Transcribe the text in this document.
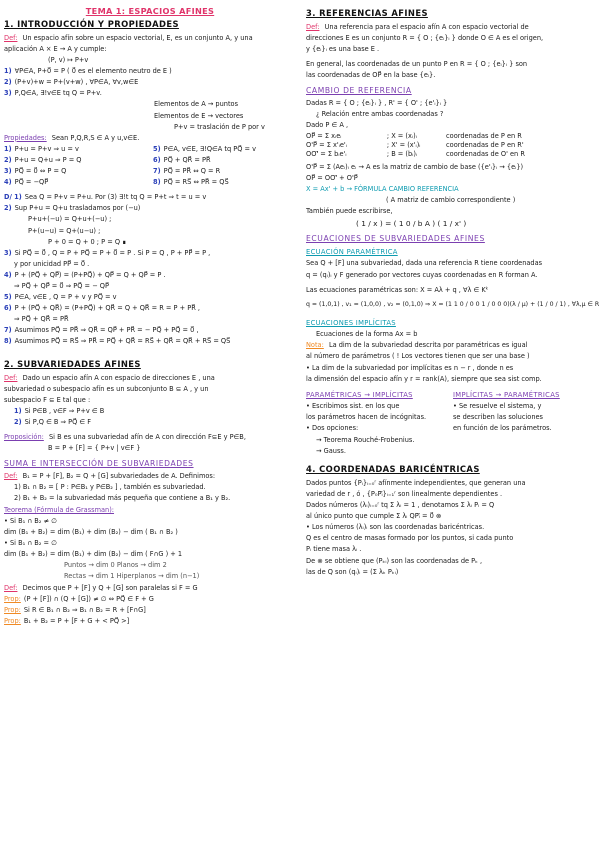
TEMA 1: ESPACIOS AFINES
1. INTRODUCCIÓN Y PROPIEDADES
Def: Un espacio afín sobre un espacio vectorial, E, es un conjunto A, y una
aplicación A × E → A y cumple:
(P, v) ↦ P+v
1) ∀P∈A, P+0⃗ = P ( 0⃗ es el elemento neutro de E )
2) (P+v)+w = P+(v+w) , ∀P∈A, ∀v,w∈E
3) P,Q∈A, ∃!v∈E tq Q = P+v.
Elementos de A → puntos
Elementos de E → vectores
P+v = traslación de P por v
Propiedades: Sean P,Q,R,S ∈ A y u,v∈E.
1) P+u = P+v ⇒ u = v
2) P+u = Q+u ⇒ P = Q
3) PQ⃗ = 0⃗ ⇔ P = Q
4) PQ⃗ = −QP⃗
5) P∈A, v∈E, ∃!Q∈A tq PQ⃗ = v
6) PQ⃗ + QR⃗ = PR⃗
7) PQ⃗ = PR⃗ ⇔ Q = R
8) PQ⃗ = RS⃗ ⇔ PR⃗ = QS⃗
D/ 1) Sea Q = P+v = P+u. Por (3) ∃!t tq Q = P+t ⇒ t = u = v
2) Sup P+u = Q+u trasladamos por (−u)
P+u+(−u) = Q+u+(−u) ;
P+(u−u) = Q+(u−u) ;
P + 0 = Q + 0 ; P = Q ∎
3) Si PQ⃗ = 0⃗ , Q = P + PQ⃗ = P + 0⃗ = P . Si P = Q , P + PP⃗ = P ,
y por unicidad PP⃗ = 0⃗ .
4) P + (PQ⃗ + QP⃗) = (P+PQ⃗) + QP⃗ = Q + QP⃗ = P .
⇒ PQ⃗ + QP⃗ = 0⃗ ⇒ PQ⃗ = − QP⃗
5) P∈A, v∈E , Q = P + v y PQ⃗ = v
6) P + (PQ⃗ + QR⃗) = (P+PQ⃗) + QR⃗ = Q + QR⃗ = R = P + PR⃗ ,
⇒ PQ⃗ + QR⃗ = PR⃗
7) Asumimos PQ⃗ = PR⃗ ⇒ QR⃗ = QP⃗ + PR⃗ = − PQ⃗ + PQ⃗ = 0⃗ ,
8) Asumimos PQ⃗ = RS⃗ ⇒ PR⃗ = PQ⃗ + QR⃗ = RS⃗ + QR⃗ = QR⃗ + RS⃗ = QS⃗
2. SUBVARIEDADES AFINES
Def: Dado un espacio afín A con espacio de direcciones E , una
subvariedad o subespacio afín es un subconjunto B ⊆ A , y un
subespacio F ⊆ E tal que :
1) Si P∈B , v∈F ⇒ P+v ∈ B
2) Si P,Q ∈ B ⇒ PQ⃗ ∈ F
Proposición: Si B es una subvariedad afín de A con dirección F⊆E y P∈B,
B = P + [F] = { P+v | v∈F }
SUMA E INTERSECCIÓN DE SUBVARIEDADES
Def: B₁ = P + [F], B₂ = Q + [G] subvariedades de A. Definimos:
1) B₁ ∩ B₂ = [ P : P∈B₁ y P∈B₂ ] , también es subvariedad.
2) B₁ + B₂ = la subvariedad más pequeña que contiene a B₁ y B₂.
Teorema (Fórmula de Grassman):
• Si B₁ ∩ B₂ ≠ ∅
dim (B₁ + B₂) = dim (B₁) + dim (B₂) − dim ( B₁ ∩ B₂ )
• Si B₁ ∩ B₂ = ∅
dim (B₁ + B₂) = dim (B₁) + dim (B₂) − dim ( F∩G ) + 1
Puntos → dim 0 Planos → dim 2
Rectas → dim 1 Hiperplanos → dim (n−1)
Def: Decimos que P + [F] y Q + [G] son paralelas si F = G
Prop: (P + [F]) ∩ (Q + [G]) ≠ ∅ ⇔ PQ⃗ ∈ F + G
Prop: Si R ∈ B₁ ∩ B₂ ⇒ B₁ ∩ B₂ = R + [F∩G]
Prop: B₁ + B₂ = P + [F + G + < PQ⃗ >]
3. REFERENCIAS AFINES
Def: Una referencia para el espacio afín A con espacio vectorial de
direcciones E es un conjunto R = { O ; {eᵢ}ᵢ } donde O ∈ A es el origen,
y {eᵢ}ᵢ es una base E .
En general, las coordenadas de un punto P en R = { O ; {eᵢ}ᵢ } son
las coordenadas de OP⃗ en la base {eᵢ}.
CAMBIO DE REFERENCIA
Dadas R = { O ; {eᵢ}ᵢ } , R' = { O' ; {e'ᵢ}ᵢ }
¿ Relación entre ambas coordenadas ?
Dado P ∈ A ,
OP⃗ = Σ xᵢeᵢ	; X = (xᵢ)ᵢ	coordenadas de P en R
O'P⃗ = Σ x'ᵢe'ᵢ	; X' = (x'ᵢ)ᵢ	coordenadas de P en R'
OO'⃗ = Σ bᵢe'ᵢ	; B = (bᵢ)ᵢ	coordenadas de O' en R
O'P⃗ = Σ (Aeᵢ)ᵢ eᵢ → A es la matriz de cambio de base ({e'ᵢ}ᵢ → {eᵢ})
OP⃗ = OO'⃗ + O'P⃗
X = Ax' + b → FÓRMULA CAMBIO REFERENCIA
( A matriz de cambio correspondiente )
También puede escribirse,
( 1 / x ) = ( 1 0 / b A ) ( 1 / x' )
ECUACIONES DE SUBVARIEDADES AFINES
ECUACIÓN PARAMÉTRICA
Sea Q + [F] una subvariedad, dada una referencia R tiene coordenadas
q = (qᵢ)ᵢ y F generado por vectores cuyas coordenadas en R forman A.
Las ecuaciones paramétricas son: X = Aλ + q , ∀λ ∈ Kᵏ
q = (1,0,1) , v₁ = (1,0,0) , v₂ = (0,1,0) ⇒ X = (1 1 0 / 0 0 1 / 0 0 0)(λ / μ) + (1 / 0 / 1) , ∀λ,μ ∈ R
ECUACIONES IMPLÍCITAS
Ecuaciones de la forma Ax = b
Nota: La dim de la subvariedad descrita por paramétricas es igual
al número de parámetros ( ! Los vectores tienen que ser una base )
• La dim de la subvariedad por implícitas es n − r , donde n es
la dimensión del espacio afín y r = rank(A), siempre que sea sist comp.
PARAMÉTRICAS → IMPLÍCITAS
• Escribimos sist. en los que
los parámetros hacen de incógnitas.
• Dos opciones:
→ Teorema Rouché-Frobenius.
→ Gauss.
IMPLÍCITAS → PARAMÉTRICAS
• Se resuelve el sistema, y
se describen las soluciones
en función de los parámetros.
4. COORDENADAS BARICÉNTRICAS
Dados puntos {Pᵢ}ᵢ₌₀ʳ afínmente independientes, que generan una
variedad de r , ó , {P₀Pᵢ⃗}ᵢ₌₁ʳ son linealmente dependientes .
Dados números (λᵢ)ᵢ₌₀ʳ tq Σ λᵢ = 1 , denotamos Σ λᵢ Pᵢ = Q
al único punto que cumple Σ λᵢ QPᵢ⃗ = 0⃗ ⊗
• Los números (λᵢ)ᵢ son las coordenadas baricéntricas.
Q es el centro de masas formado por los puntos, si cada punto
Pᵢ tiene masa λᵢ .
De ⊗ se obtiene que (Pₖᵢ) son las coordenadas de Pₖ ,
las de Q son (qᵢ)ᵢ = (Σ λₖ Pₖᵢ)
